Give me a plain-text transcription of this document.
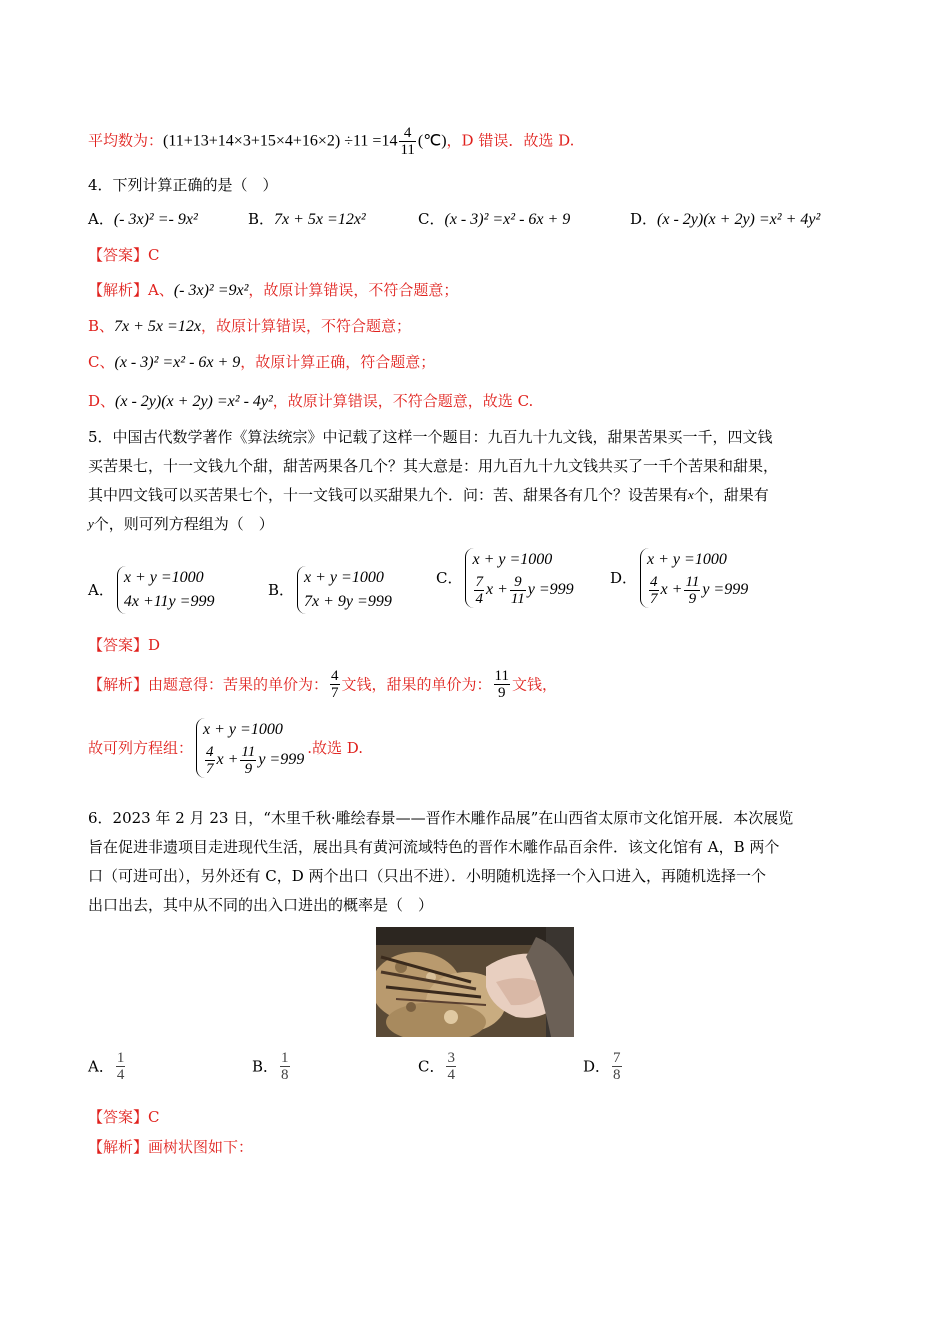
平均数为：$(11+13+14\times 3+15\times 4+16\times 2) \div 11 =14 \frac{4}{11}$ (℃)，D 错误．故选 D.
4．下列计算正确的是（　）
A．(- 3x)² =- 9x²	B．7x + 5x =12x²	C．(x - 3)² =x² - 6x + 9	D．(x - 2y)(x + 2y) =x² + 4y²
【答案】C
【解析】A、(- 3x)² =9x²，故原计算错误，不符合题意；
B、7x + 5x =12x，故原计算错误，不符合题意；
C、(x - 3)² =x² - 6x + 9，故原计算正确，符合题意；
D、(x - 2y)(x + 2y) =x² - 4y²，故原计算错误，不符合题意，故选 C.
5．中国古代数学著作《算法统宗》中记载了这样一个题目：九百九十九文钱，甜果苦果买一千，四文钱
买苦果七，十一文钱九个甜，甜苦两果各几个？其大意是：用九百九十九文钱共买了一千个苦果和甜果，
其中四文钱可以买苦果七个，十一文钱可以买甜果九个．问：苦、甜果各有几个？设苦果有x个，甜果有
y个，则可列方程组为（　）
A．
x + y =1000
4x +11y =999
B．
x + y =1000
7x + 9y =999
C．
x + y =1000
$\frac{7}{4}$ $x + \frac{9}{11}$ y =999
D．
x + y =1000
$\frac{4}{7}$ $x + \frac{11}{9}$ y =999
【答案】D
【解析】由题意得：苦果的单价为： $\frac{4}{7}$ 文钱，甜果的单价为： $\frac{11}{9}$ 文钱，
故可列方程组：
x + y =1000
$\frac{4}{7}$ $x + \frac{11}{9}$ y =999
.故选 D.
6．2023 年 2 月 23 日，“木里千秋·雕绘春景——晋作木雕作品展”在山西省太原市文化馆开展．本次展览
旨在促进非遗项目走进现代生活，展出具有黄河流域特色的晋作木雕作品百余件．该文化馆有 A，B 两个
口（可进可出），另外还有 C，D 两个出口（只出不进）．小明随机选择一个入口进入，再随机选择一个
出口出去，其中从不同的出入口进出的概率是（　）
A． $\frac{1}{4}$	B． $\frac{1}{8}$	C． $\frac{3}{4}$	D． $\frac{7}{8}$
【答案】C
【解析】画树状图如下：
